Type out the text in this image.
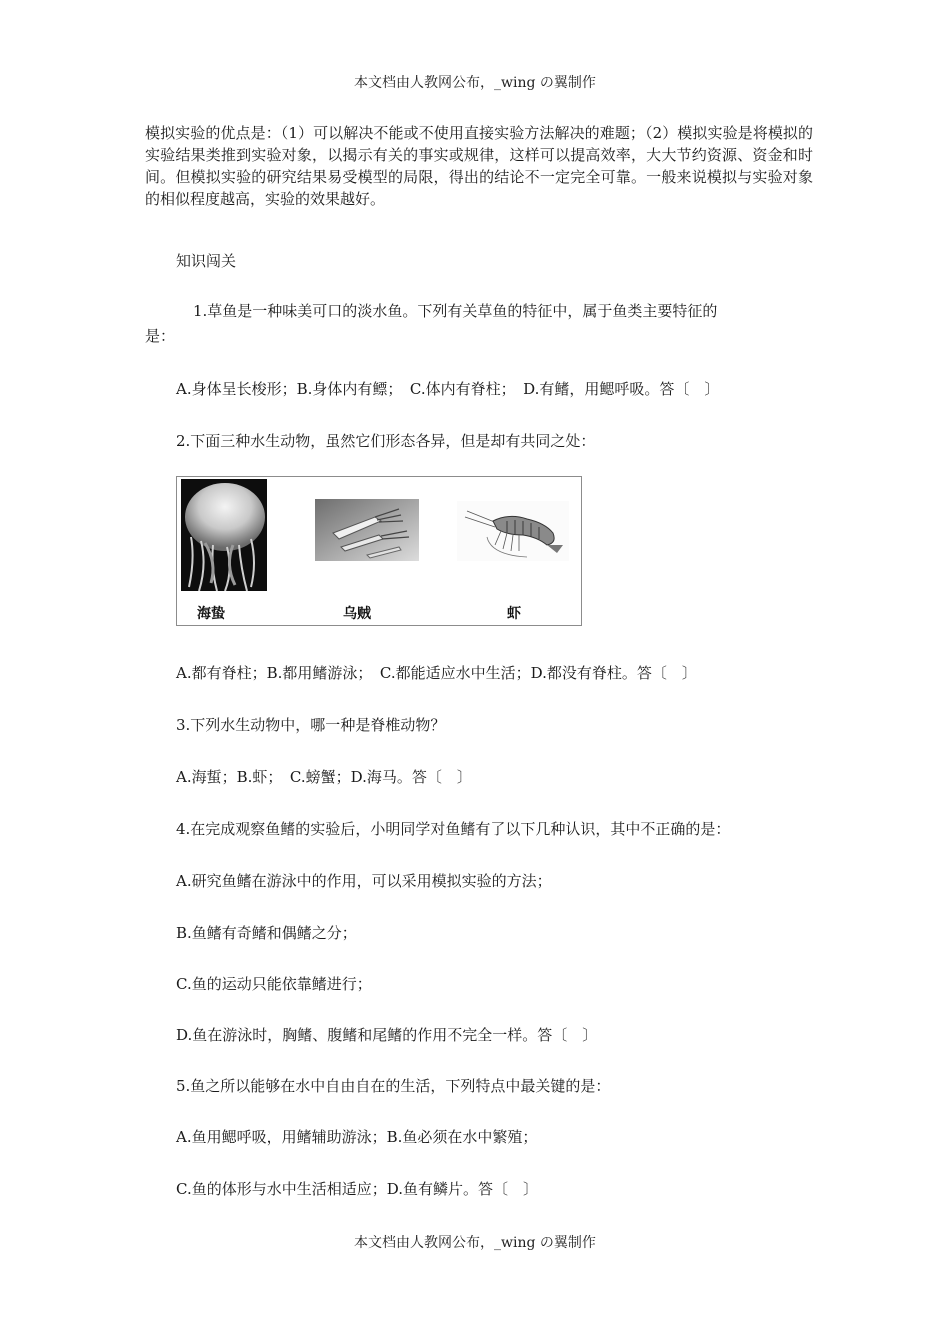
本文档由人教网公布，_wing の翼制作
模拟实验的优点是：（1）可以解决不能或不使用直接实验方法解决的难题；（2）模拟实验是将模拟的实验结果类推到实验对象，以揭示有关的事实或规律，这样可以提高效率，大大节约资源、资金和时间。但模拟实验的研究结果易受模型的局限，得出的结论不一定完全可靠。一般来说模拟与实验对象的相似程度越高，实验的效果越好。
知识闯关
1.草鱼是一种味美可口的淡水鱼。下列有关草鱼的特征中，属于鱼类主要特征的
是：
A.身体呈长梭形；B.身体内有鳔；　C.体内有脊柱；　D.有鳍，用鳃呼吸。答〔　〕
2.下面三种水生动物，虽然它们形态各异，但是却有共同之处：
海蛰	乌贼	虾
A.都有脊柱；B.都用鳍游泳；　C.都能适应水中生活；D.都没有脊柱。答〔　〕
3.下列水生动物中，哪一种是脊椎动物？
A.海蜇；B.虾；　C.螃蟹；D.海马。答〔　〕
4.在完成观察鱼鳍的实验后，小明同学对鱼鳍有了以下几种认识，其中不正确的是：
A.研究鱼鳍在游泳中的作用，可以采用模拟实验的方法；
B.鱼鳍有奇鳍和偶鳍之分；
C.鱼的运动只能依靠鳍进行；
D.鱼在游泳时，胸鳍、腹鳍和尾鳍的作用不完全一样。答〔　〕
5.鱼之所以能够在水中自由自在的生活，下列特点中最关键的是：
A.鱼用鳃呼吸，用鳍辅助游泳；B.鱼必须在水中繁殖；
C.鱼的体形与水中生活相适应；D.鱼有鳞片。答〔　〕
本文档由人教网公布，_wing の翼制作
